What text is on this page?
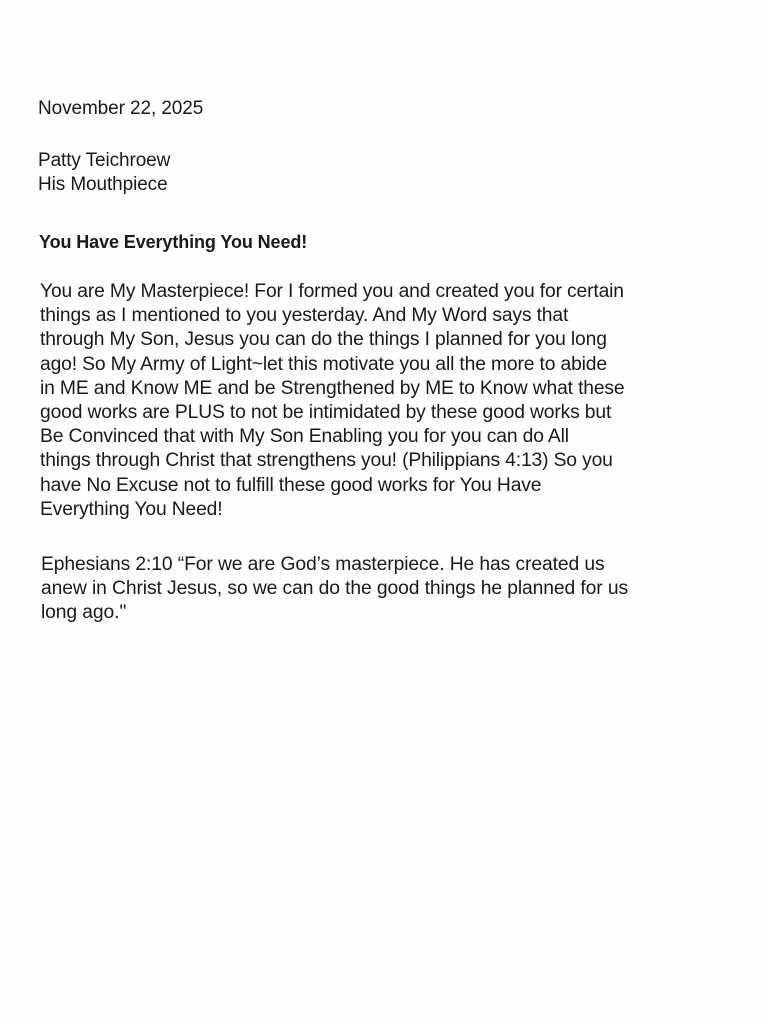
November 22, 2025
Patty Teichroew
His Mouthpiece
You Have Everything You Need!
You are My Masterpiece! For I formed you and created you for certain
things as I mentioned to you yesterday. And My Word says that
through My Son, Jesus you can do the things I planned for you long
ago! So My Army of Light~let this motivate you all the more to abide
in ME and Know ME and be Strengthened by ME to Know what these
good works are PLUS to not be intimidated by these good works but
Be Convinced that with My Son Enabling you for you can do All
things through Christ that strengthens you! (Philippians 4:13) So you
have No Excuse not to fulfill these good works for You Have
Everything You Need!
Ephesians 2:10 “For we are God’s masterpiece. He has created us
anew in Christ Jesus, so we can do the good things he planned for us
long ago."
